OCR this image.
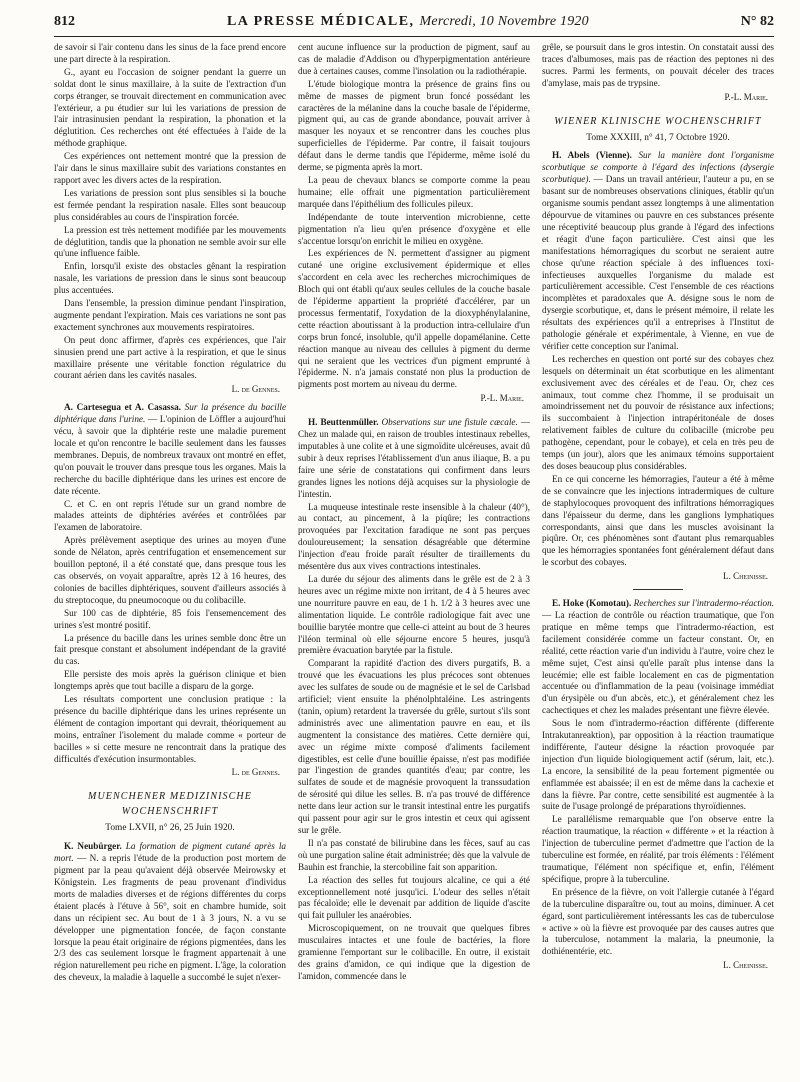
812	LA PRESSE MÉDICALE, Mercredi, 10 Novembre 1920	N° 82

de savoir si l'air contenu dans les sinus de la face prend encore une part directe à la respiration.

G., ayant eu l'occasion de soigner pendant la guerre un soldat dont le sinus maxillaire, à la suite de l'extraction d'un corps étranger, se trouvait directement en communication avec l'extérieur, a pu étudier sur lui les variations de pression de l'air intrasinusien pendant la respiration, la phonation et la déglutition. Ces recherches ont été effectuées à l'aide de la méthode graphique.

Ces expériences ont nettement montré que la pression de l'air dans le sinus maxillaire subit des variations constantes en rapport avec les divers actes de la respiration.

Les variations de pression sont plus sensibles si la bouche est fermée pendant la respiration nasale. Elles sont beaucoup plus considérables au cours de l'inspiration forcée.

La pression est très nettement modifiée par les mouvements de déglutition, tandis que la phonation ne semble avoir sur elle qu'une influence faible.

Enfin, lorsqu'il existe des obstacles gênant la respiration nasale, les variations de pression dans le sinus sont beaucoup plus accentuées.

Dans l'ensemble, la pression diminue pendant l'inspiration, augmente pendant l'expiration. Mais ces variations ne sont pas exactement synchrones aux mouvements respiratoires.

On peut donc affirmer, d'après ces expériences, que l'air sinusien prend une part active à la respiration, et que le sinus maxillaire présente une véritable fonction régulatrice du courant aérien dans les cavités nasales.

L. de Gennes.

A. Cartesegua et A. Casassa. Sur la présence du bacille diphtérique dans l'urine. — L'opinion de Löffler a aujourd'hui vécu, à savoir que la diphtérie reste une maladie purement locale et qu'on rencontre le bacille seulement dans les fausses membranes. Depuis, de nombreux travaux ont montré en effet, qu'on pouvait le trouver dans presque tous les organes. Mais la recherche du bacille diphtérique dans les urines est encore de date récente.

C. et C. en ont repris l'étude sur un grand nombre de malades atteints de diphtéries avérées et contrôlées par l'examen de laboratoire.

Après prélèvement aseptique des urines au moyen d'une sonde de Nélaton, après centrifugation et ensemencement sur bouillon peptoné, il a été constaté que, dans presque tous les cas observés, on voyait apparaître, après 12 à 16 heures, des colonies de bacilles diphtériques, souvent d'ailleurs associés à du streptocoque, du pneumocoque ou du colibacille.

Sur 100 cas de diphtérie, 85 fois l'ensemencement des urines s'est montré positif.

La présence du bacille dans les urines semble donc être un fait presque constant et absolument indépendant de la gravité du cas.

Elle persiste des mois après la guérison clinique et bien longtemps après que tout bacille a disparu de la gorge.

Les résultats comportent une conclusion pratique : la présence du bacille diphtérique dans les urines représente un élément de contagion important qui devrait, théoriquement au moins, entraîner l'isolement du malade comme « porteur de bacilles » si cette mesure ne rencontrait dans la pratique des difficultés d'exécution insurmontables.

L. de Gennes.
MUENCHENER MEDIZINISCHE WOCHENSCHRIFT
Tome LXVII, n° 26, 25 Juin 1920.

K. Neubürger. La formation de pigment cutané après la mort. — N. a repris l'étude de la production post mortem de pigment par la peau qu'avaient déjà observée Meirowsky et Königstein. Les fragments de peau provenant d'individus morts de maladies diverses et de régions différentes du corps étaient placés à l'étuve à 56°, soit en chambre humide, soit dans un récipient sec. Au bout de 1 à 3 jours, N. a vu se développer une pigmentation foncée, de façon constante lorsque la peau était originaire de régions pigmentées, dans les 2/3 des cas seulement lorsque le fragment appartenait à une région naturellement peu riche en pigment. L'âge, la coloration des cheveux, la maladie à laquelle a succombé le sujet n'exer-

cent aucune influence sur la production de pigment, sauf au cas de maladie d'Addison ou d'hyperpigmentation antérieure due à certaines causes, comme l'insolation ou la radiothérapie.

L'étude biologique montra la présence de grains fins ou même de masses de pigment brun foncé possédant les caractères de la mélanine dans la couche basale de l'épiderme, pigment qui, au cas de grande abondance, pouvait arriver à masquer les noyaux et se rencontrer dans les couches plus superficielles de l'épiderme. Par contre, il faisait toujours défaut dans le derme tandis que l'épiderme, même isolé du derme, se pigmenta après la mort.

La peau de chevaux blancs se comporte comme la peau humaine; elle offrait une pigmentation particulièrement marquée dans l'épithélium des follicules pileux.

Indépendante de toute intervention microbienne, cette pigmentation n'a lieu qu'en présence d'oxygène et elle s'accentue lorsqu'on enrichit le milieu en oxygène.

Les expériences de N. permettent d'assigner au pigment cutané une origine exclusivement épidermique et elles s'accordent en cela avec les recherches microchimiques de Bloch qui ont établi qu'aux seules cellules de la couche basale de l'épiderme appartient la propriété d'accélérer, par un processus fermentatif, l'oxydation de la dioxyphénylalanine, cette réaction aboutissant à la production intra-cellulaire d'un corps brun foncé, insoluble, qu'il appelle dopamélanine. Cette réaction manque au niveau des cellules à pigment du derme qui ne seraient que les vectrices d'un pigment emprunté à l'épiderme. N. n'a jamais constaté non plus la production de pigments post mortem au niveau du derme.

P.-L. Marie.

H. Beuttenmüller. Observations sur une fistule cæcale. — Chez un malade qui, en raison de troubles intestinaux rebelles, imputables à une colite et à une sigmoïdite ulcéreuses, avait dû subir à deux reprises l'établissement d'un anus iliaque, B. a pu faire une série de constatations qui confirment dans leurs grandes lignes les notions déjà acquises sur la physiologie de l'intestin.

La muqueuse intestinale reste insensible à la chaleur (40°), au contact, au pincement, à la piqûre; les contractions provoquées par l'excitation faradique ne sont pas perçues douloureusement; la sensation désagréable que détermine l'injection d'eau froide paraît résulter de tiraillements du mésentère dus aux vives contractions intestinales.

La durée du séjour des aliments dans le grêle est de 2 à 3 heures avec un régime mixte non irritant, de 4 à 5 heures avec une nourriture pauvre en eau, de 1 h. 1/2 à 3 heures avec une alimentation liquide. Le contrôle radiologique fait avec une bouillie barytée montre que celle-ci atteint au bout de 3 heures l'iléon terminal où elle séjourne encore 5 heures, jusqu'à première évacuation barytée par la fistule.

Comparant la rapidité d'action des divers purgatifs, B. a trouvé que les évacuations les plus précoces sont obtenues avec les sulfates de soude ou de magnésie et le sel de Carlsbad artificiel; vient ensuite la phénolphtaléine. Les astringents (tanin, opium) retardent la traversée du grêle, surtout s'ils sont administrés avec une alimentation pauvre en eau, et ils augmentent la consistance des matières. Cette dernière qui, avec un régime mixte composé d'aliments facilement digestibles, est celle d'une bouillie épaisse, n'est pas modifiée par l'ingestion de grandes quantités d'eau; par contre, les sulfates de soude et de magnésie provoquent la transsudation de sérosité qui dilue les selles. B. n'a pas trouvé de différence nette dans leur action sur le transit intestinal entre les purgatifs qui passent pour agir sur le gros intestin et ceux qui agissent sur le grêle.

Il n'a pas constaté de bilirubine dans les fèces, sauf au cas où une purgation saline était administrée; dès que la valvule de Bauhin est franchie, la stercobiline fait son apparition.

La réaction des selles fut toujours alcaline, ce qui a été exceptionnellement noté jusqu'ici. L'odeur des selles n'était pas fécaloïde; elle le devenait par addition de liquide d'ascite qui fait pulluler les anaérobies.

Microscopiquement, on ne trouvait que quelques fibres musculaires intactes et une foule de bactéries, la flore gramienne l'emportant sur le colibacille. En outre, il existait des grains d'amidon, ce qui indique que la digestion de l'amidon, commencée dans le

grêle, se poursuit dans le gros intestin. On constatait aussi des traces d'albumoses, mais pas de réaction des peptones ni des sucres. Parmi les ferments, on pouvait déceler des traces d'amylase, mais pas de trypsine.

P.-L. Marie.
WIENER KLINISCHE WOCHENSCHRIFT
Tome XXXIII, n° 41, 7 Octobre 1920.

H. Abels (Vienne). Sur la manière dont l'organisme scorbutique se comporte à l'égard des infections (dysergie scorbutique). — Dans un travail antérieur, l'auteur a pu, en se basant sur de nombreuses observations cliniques, établir qu'un organisme soumis pendant assez longtemps à une alimentation dépourvue de vitamines ou pauvre en ces substances présente une réceptivité beaucoup plus grande à l'égard des infections et réagit d'une façon particulière. C'est ainsi que les manifestations hémorragiques du scorbut ne seraient autre chose qu'une réaction spéciale à des influences toxi-infectieuses auxquelles l'organisme du malade est particulièrement accessible. C'est l'ensemble de ces réactions incomplètes et paradoxales que A. désigne sous le nom de dysergie scorbutique, et, dans le présent mémoire, il relate les résultats des expériences qu'il a entreprises à l'Institut de pathologie générale et expérimentale, à Vienne, en vue de vérifier cette conception sur l'animal.

Les recherches en question ont porté sur des cobayes chez lesquels on déterminait un état scorbutique en les alimentant exclusivement avec des céréales et de l'eau. Or, chez ces animaux, tout comme chez l'homme, il se produisait un amoindrissement net du pouvoir de résistance aux infections; ils succombaient à l'injection intrapéritonéale de doses relativement faibles de culture du colibacille (microbe peu pathogène, cependant, pour le cobaye), et cela en très peu de temps (un jour), alors que les animaux témoins supportaient des doses beaucoup plus considérables.

En ce qui concerne les hémorragies, l'auteur a été à même de se convaincre que les injections intradermiques de culture de staphylocoques provoquent des infiltrations hémorragiques dans l'épaisseur du derme, dans les ganglions lymphatiques correspondants, ainsi que dans les muscles avoisinant la piqûre. Or, ces phénomènes sont d'autant plus remarquables que les hémorragies spontanées font généralement défaut dans le scorbut des cobayes.

L. Cheinisse.

E. Hoke (Komotau). Recherches sur l'intradermo-réaction. — La réaction de contrôle ou réaction traumatique, que l'on pratique en même temps que l'intradermo-réaction, est facilement considérée comme un facteur constant. Or, en réalité, cette réaction varie d'un individu à l'autre, voire chez le même sujet, C'est ainsi qu'elle paraît plus intense dans la leucémie; elle est faible localement en cas de pigmentation accentuée ou d'inflammation de la peau (voisinage immédiat d'un érysipèle ou d'un abcès, etc.), et généralement chez les cachectiques et chez les malades présentant une fièvre élevée.

Sous le nom d'intradermo-réaction différente (differente Intrakutanreaktion), par opposition à la réaction traumatique indifférente, l'auteur désigne la réaction provoquée par injection d'un liquide biologiquement actif (sérum, lait, etc.). La encore, la sensibilité de la peau fortement pigmentée ou enflammée est abaissée; il en est de même dans la cachexie et dans la fièvre. Par contre, cette sensibilité est augmentée à la suite de l'usage prolongé de préparations thyroïdiennes.

Le parallélisme remarquable que l'on observe entre la réaction traumatique, la réaction « différente » et la réaction à l'injection de tuberculine permet d'admettre que l'action de la tuberculine est formée, en réalité, par trois éléments : l'élément traumatique, l'élément non spécifique et, enfin, l'élément spécifique, propre à la tuberculine.

En présence de la fièvre, on voit l'allergie cutanée à l'égard de la tuberculine disparaître ou, tout au moins, diminuer. A cet égard, sont particulièrement intéressants les cas de tuberculose « active » où la fièvre est provoquée par des causes autres que la tuberculose, notamment la malaria, la pneumonie, la dothiénentérie, etc.

L. Cheinisse.
